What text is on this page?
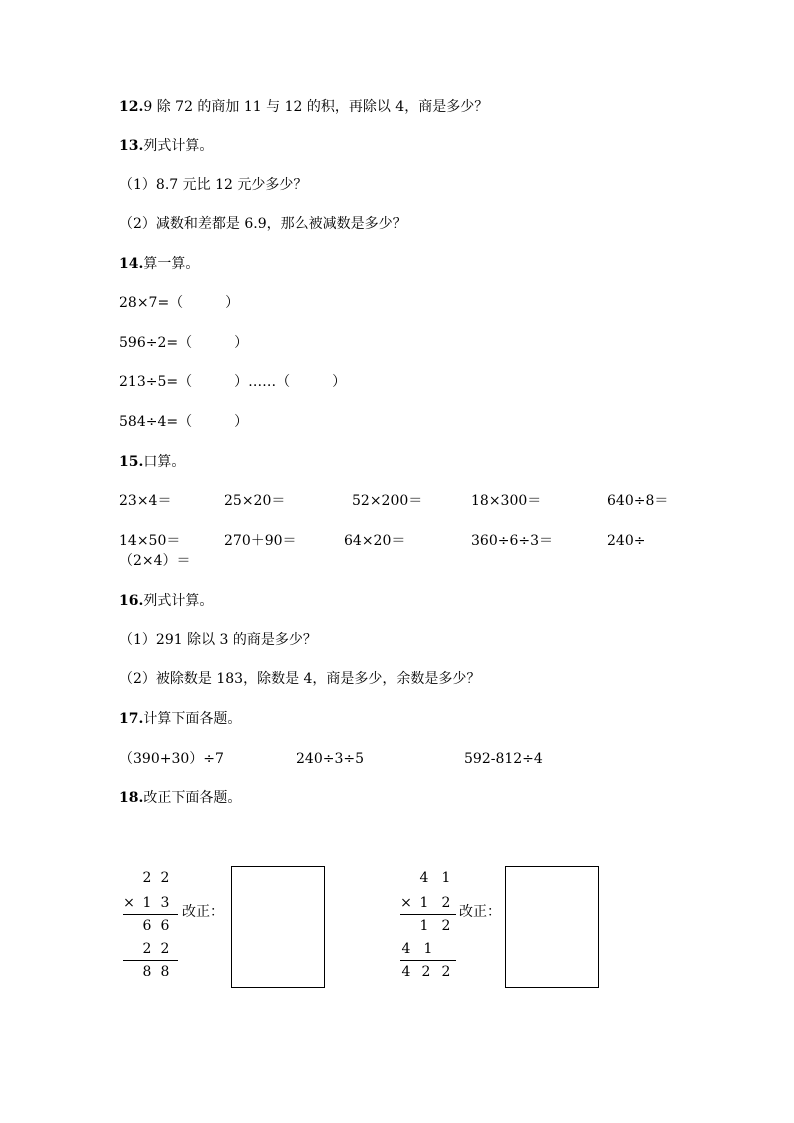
12.9 除 72 的商加 11 与 12 的积，再除以 4，商是多少？
13.列式计算。
（1）8.7 元比 12 元少多少？
（2）减数和差都是 6.9，那么被减数是多少？
14.算一算。
28×7=（　　　）
596÷2=（　　　）
213÷5=（　　　）……（　　　）
584÷4=（　　　）
15.口算。
23×4＝	25×20＝	52×200＝	18×300＝	640÷8＝
14×50＝	270＋90＝	64×20＝	360÷6÷3＝	240÷
（2×4）＝
16.列式计算。
（1）291 除以 3 的商是多少？
（2）被除数是 183，除数是 4，商是多少，余数是多少？
17.计算下面各题。
（390+30）÷7	240÷3÷5	592-812÷4
18.改正下面各题。
2 2
× 1 3
6 6
2 2
8 8
改正：
4 1
× 1 2
1 2
4 1
4 2 2
改正：
